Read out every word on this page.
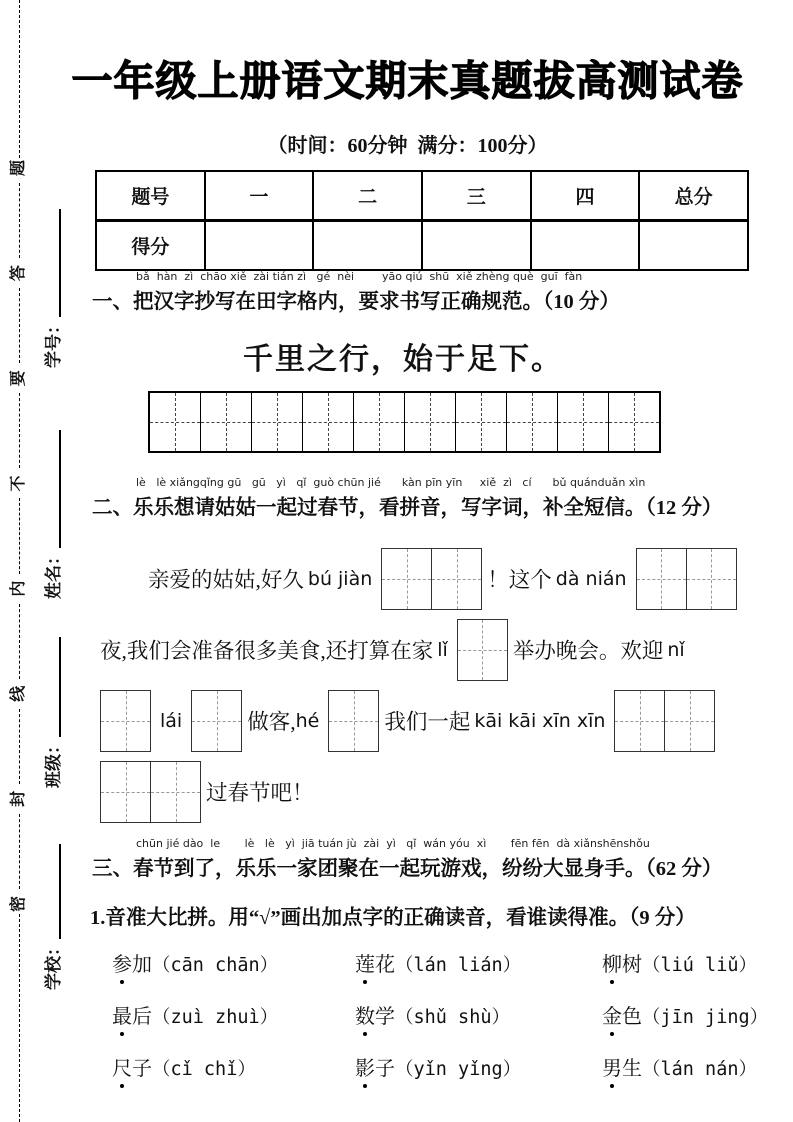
密
封
线
内
不
要
答
题
学校：
班级：
姓名：
学号：
一年级上册语文期末真题拔高测试卷
（时间：60分钟  满分：100分）
题号	一	二	三	四	总分
得分					
bǎ  hàn  zì  chāo xiě  zài tián zì   gé  nèi        yāo qiú  shū  xiě zhèng què  guī  fàn
一、把汉字抄写在田字格内，要求书写正确规范。（10 分）
千里之行，始于足下。
lè   lè xiǎngqǐng gū   gū   yì   qǐ  guò chūn jié      kàn pīn yīn     xiě  zì   cí      bǔ quánduǎn xìn
二、乐乐想请姑姑一起过春节，看拼音，写字词，补全短信。（12 分）
亲爱的姑姑,好久 bú jiàn	！这个 dà nián
夜,我们会准备很多美食,还打算在家 lǐ	举办晚会。欢迎 nǐ
lái	做客, hé	我们一起 kāi kāi xīn xīn
过春节吧！
chūn jié dào  le       lè   lè   yì  jiā tuán jù  zài  yì   qǐ  wán yóu  xì       fēn fēn  dà xiǎnshēnshǒu
三、春节到了，乐乐一家团聚在一起玩游戏，纷纷大显身手。（62 分）
1.音准大比拼。用“√”画出加点字的正确读音，看谁读得准。（9 分）
参加（cān chān）	莲花（lán lián）	柳树（liú liǔ）
最后（zuì zhuì）	数学（shǔ shù）	金色（jīn jing）
尺子（cǐ chǐ）	影子（yǐn yǐng）	男生（lán nán）
